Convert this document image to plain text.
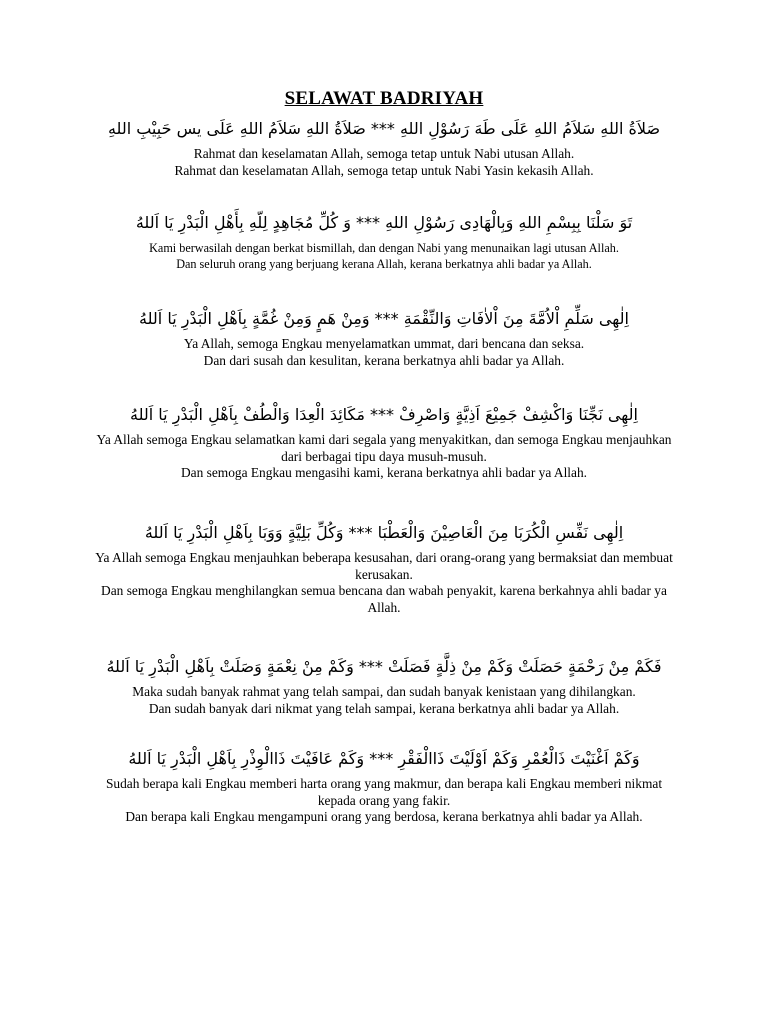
SELAWAT BADRIYAH

صَلاَةُ اللهِ سَلاَمُ اللهِ عَلَى طَهَ رَسُوْلِ اللهِ *** صَلاَةُ اللهِ سَلاَمُ اللهِ عَلَى يس حَبِيْبِ اللهِ

Rahmat dan keselamatan Allah, semoga tetap untuk Nabi utusan Allah.

Rahmat dan keselamatan Allah, semoga tetap untuk Nabi Yasin kekasih Allah.

تَوَ سَلْنَا بِبِسْمِ اللهِ وَبِالْهَادِى رَسُوْلِ اللهِ *** وَ كُلِّ مُجَاهِدٍ لِلّهِ بِأَهْلِ الْبَدْرِ يَا اَللهُ

Kami berwasilah dengan berkat bismillah, dan dengan Nabi yang menunaikan lagi utusan Allah.

Dan seluruh orang yang berjuang kerana Allah, kerana berkatnya ahli badar ya Allah.

اِلٰهِى سَلِّمِ اْلاُمَّةَ مِنَ اْلاٰفَاتِ وَالنِّقْمَةِ *** وَمِنْ هَمٍ وَمِنْ غُمَّةٍ بِاَهْلِ الْبَدْرِ يَا اَللهُ

Ya Allah, semoga Engkau menyelamatkan ummat, dari bencana dan seksa.

Dan dari susah dan kesulitan, kerana berkatnya ahli badar ya Allah.

اِلٰهِى نَجِّنَا وَاكْشِفْ جَمِيْعَ اَذِيَّةٍ وَاصْرِفْ *** مَكَائِدَ الْعِدَا وَالْطُفْ بِاَهْلِ الْبَدْرِ يَا اَللهُ

Ya Allah semoga Engkau selamatkan kami dari segala yang menyakitkan, dan semoga Engkau menjauhkan dari berbagai tipu daya musuh-musuh.

Dan semoga Engkau mengasihi kami, kerana berkatnya ahli badar ya Allah.

اِلٰهِى نَفِّسِ الْكُرَبَا مِنَ الْعَاصِيْنَ وَالْعَطْبَا *** وَكُلِّ بَلِيَّةٍ وَوَبَا بِاَهْلِ الْبَدْرِ يَا اَللهُ

Ya Allah semoga Engkau menjauhkan beberapa kesusahan, dari orang-orang yang bermaksiat dan membuat kerusakan.

Dan semoga Engkau menghilangkan semua bencana dan wabah penyakit, karena berkahnya ahli badar ya Allah.

فَكَمْ مِنْ رَحْمَةٍ حَصَلَتْ وَكَمْ مِنْ ذِلَّةٍ فَصَلَتْ *** وَكَمْ مِنْ نِعْمَةٍ وَصَلَتْ بِاَهْلِ الْبَدْرِ يَا اَللهُ

Maka sudah banyak rahmat yang telah sampai, dan sudah banyak kenistaan yang dihilangkan.

Dan sudah banyak dari nikmat yang telah sampai, kerana berkatnya ahli badar ya Allah.

وَكَمْ اَغْنَيْتَ ذَالْعُمْرِ وَكَمْ اَوْلَيْتَ ذَاالْفَقْرِ *** وَكَمْ عَافَيْتَ ذَاالْوِذْرِ بِاَهْلِ الْبَدْرِ يَا اَللهُ

Sudah berapa kali Engkau memberi harta orang yang makmur, dan berapa kali Engkau memberi nikmat kepada orang yang fakir.

Dan berapa kali Engkau mengampuni orang yang berdosa, kerana berkatnya ahli badar ya Allah.
